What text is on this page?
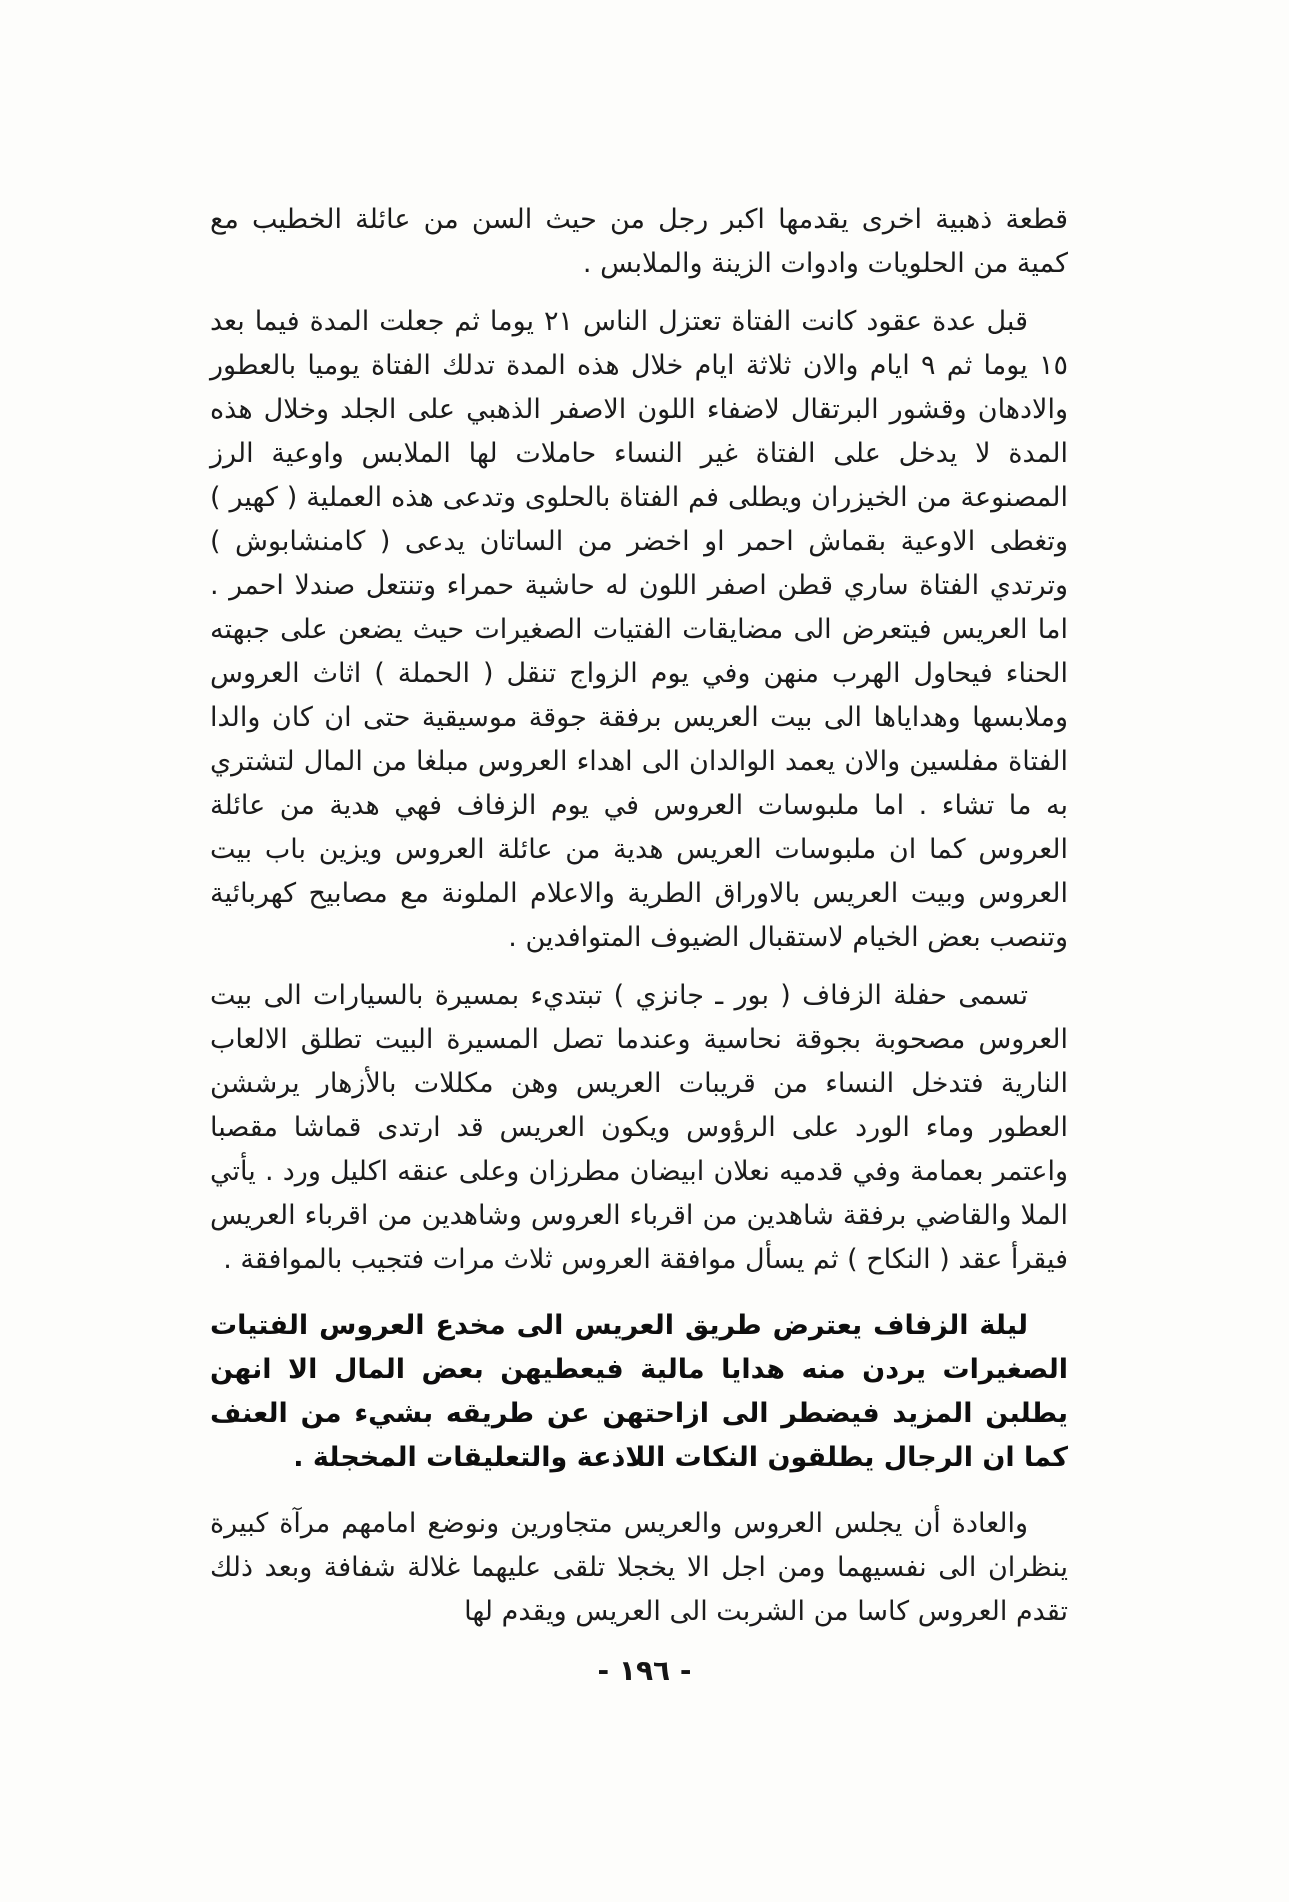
قطعة ذهبية اخرى يقدمها اكبر رجل من حيث السن من عائلة الخطيب مع كمية من الحلويات وادوات الزينة والملابس .

قبل عدة عقود كانت الفتاة تعتزل الناس ٢١ يوما ثم جعلت المدة فيما بعد ١٥ يوما ثم ٩ ايام والان ثلاثة ايام خلال هذه المدة تدلك الفتاة يوميا بالعطور والادهان وقشور البرتقال لاضفاء اللون الاصفر الذهبي على الجلد وخلال هذه المدة لا يدخل على الفتاة غير النساء حاملات لها الملابس واوعية الرز المصنوعة من الخيزران ويطلى فم الفتاة بالحلوى وتدعى هذه العملية ( كهير ) وتغطى الاوعية بقماش احمر او اخضر من الساتان يدعى ( كامنشابوش ) وترتدي الفتاة ساري قطن اصفر اللون له حاشية حمراء وتنتعل صندلا احمر . اما العريس فيتعرض الى مضايقات الفتيات الصغيرات حيث يضعن على جبهته الحناء فيحاول الهرب منهن وفي يوم الزواج تنقل ( الحملة ) اثاث العروس وملابسها وهداياها الى بيت العريس برفقة جوقة موسيقية حتى ان كان والدا الفتاة مفلسين والان يعمد الوالدان الى اهداء العروس مبلغا من المال لتشتري به ما تشاء . اما ملبوسات العروس في يوم الزفاف فهي هدية من عائلة العروس كما ان ملبوسات العريس هدية من عائلة العروس ويزين باب بيت العروس وبيت العريس بالاوراق الطرية والاعلام الملونة مع مصابيح كهربائية وتنصب بعض الخيام لاستقبال الضيوف المتوافدين .

تسمى حفلة الزفاف ( بور ـ جانزي ) تبتديء بمسيرة بالسيارات الى بيت العروس مصحوبة بجوقة نحاسية وعندما تصل المسيرة البيت تطلق الالعاب النارية فتدخل النساء من قريبات العريس وهن مكللات بالأزهار يرششن العطور وماء الورد على الرؤوس ويكون العريس قد ارتدى قماشا مقصبا واعتمر بعمامة وفي قدميه نعلان ابيضان مطرزان وعلى عنقه اكليل ورد . يأتي الملا والقاضي برفقة شاهدين من اقرباء العروس وشاهدين من اقرباء العريس فيقرأ عقد ( النكاح ) ثم يسأل موافقة العروس ثلاث مرات فتجيب بالموافقة .

ليلة الزفاف يعترض طريق العريس الى مخدع العروس الفتيات الصغيرات يردن منه هدايا مالية فيعطيهن بعض المال الا انهن يطلبن المزيد فيضطر الى ازاحتهن عن طريقه بشيء من العنف كما ان الرجال يطلقون النكات اللاذعة والتعليقات المخجلة .

والعادة أن يجلس العروس والعريس متجاورين ونوضع امامهم مرآة كبيرة ينظران الى نفسيهما ومن اجل الا يخجلا تلقى عليهما غلالة شفافة وبعد ذلك تقدم العروس كاسا من الشربت الى العريس ويقدم لها

- ١٩٦ -
